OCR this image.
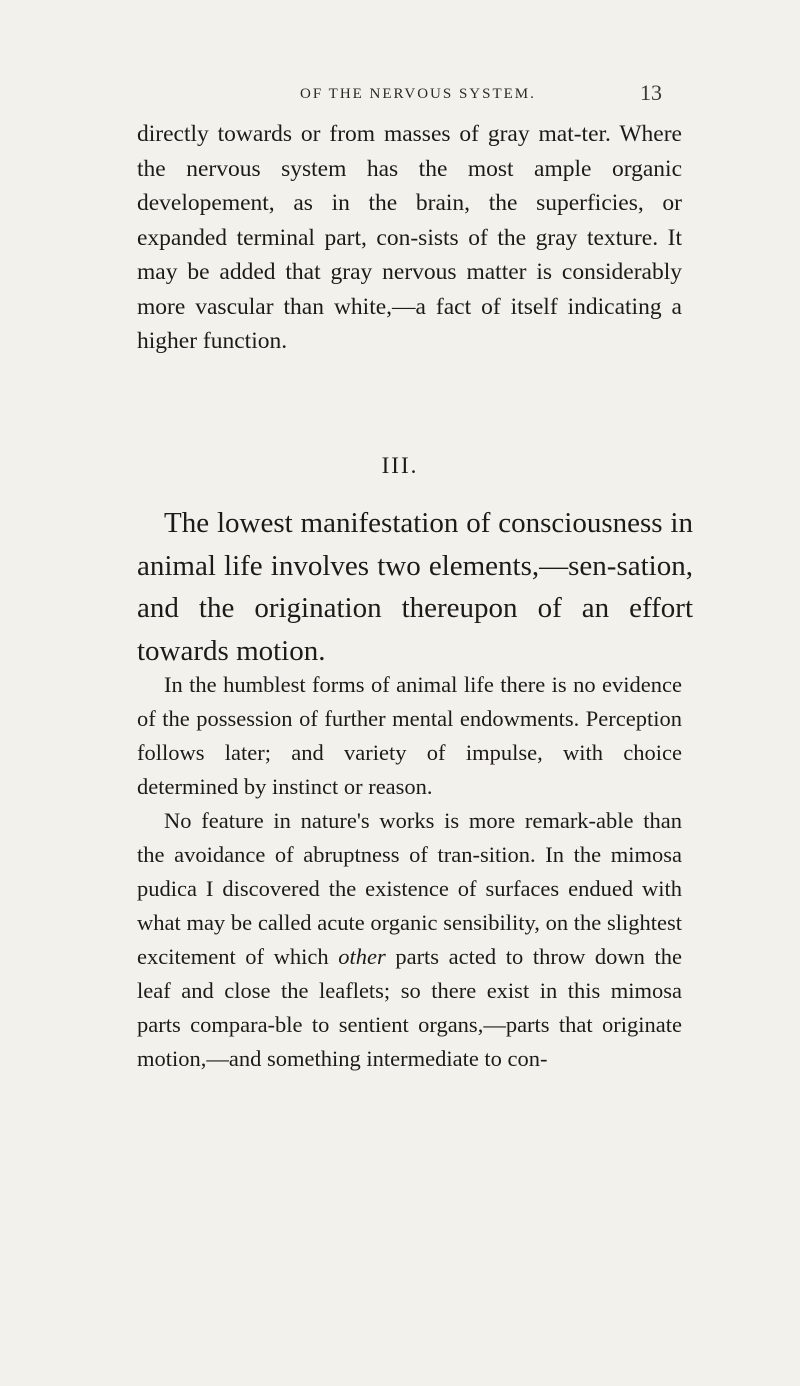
OF THE NERVOUS SYSTEM.	13

directly towards or from masses of gray mat-ter. Where the nervous system has the most ample organic developement, as in the brain, the superficies, or expanded terminal part, con-sists of the gray texture. It may be added that gray nervous matter is considerably more vascular than white,—a fact of itself indicating a higher function.

III.

The lowest manifestation of consciousness in animal life involves two elements,—sen-sation, and the origination thereupon of an effort towards motion.

In the humblest forms of animal life there is no evidence of the possession of further mental endowments. Perception follows later; and variety of impulse, with choice determined by instinct or reason.

No feature in nature's works is more remark-able than the avoidance of abruptness of tran-sition. In the mimosa pudica I discovered the existence of surfaces endued with what may be called acute organic sensibility, on the slightest excitement of which other parts acted to throw down the leaf and close the leaflets; so there exist in this mimosa parts compara-ble to sentient organs,—parts that originate motion,—and something intermediate to con-
